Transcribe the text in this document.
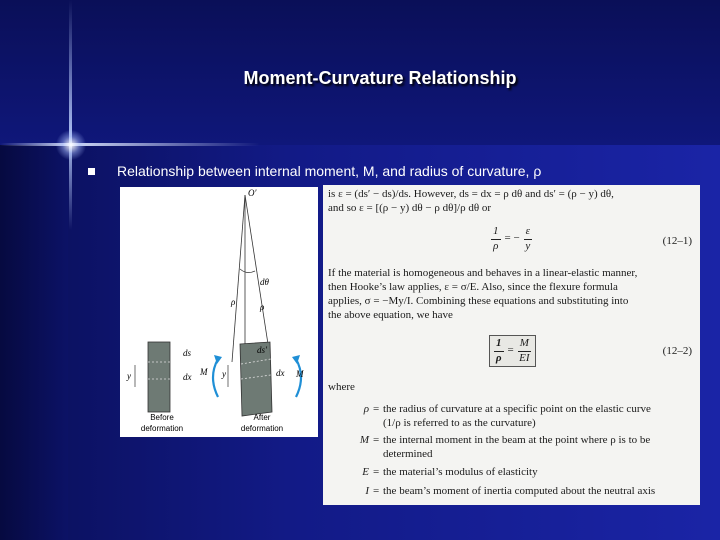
Moment-Curvature Relationship
Relationship between internal moment, M, and radius of curvature, ρ
O′
dθ
ρ	ρ
ds
dx
y	M y
ds′
dx M
Before
deformation
After
deformation
is ε = (ds′ − ds)/ds. However, ds = dx = ρ dθ and ds′ = (ρ − y) dθ,
and so ε = [(ρ − y) dθ − ρ dθ]/ρ dθ or
$\frac{1}{\rho}$ = − $\frac{\varepsilon}{y}$	(12–1)
If the material is homogeneous and behaves in a linear-elastic manner,
then Hooke’s law applies, ε = σ/E. Also, since the flexure formula
applies, σ = −My/I. Combining these equations and substituting into
the above equation, we have
$\frac{1}{\rho} = \frac{M}{EI}$	(12–2)
where
ρ = the radius of curvature at a specific point on the elastic curve
(1/ρ is referred to as the curvature)
M = the internal moment in the beam at the point where ρ is to be
determined
E = the material’s modulus of elasticity
I = the beam’s moment of inertia computed about the neutral axis
